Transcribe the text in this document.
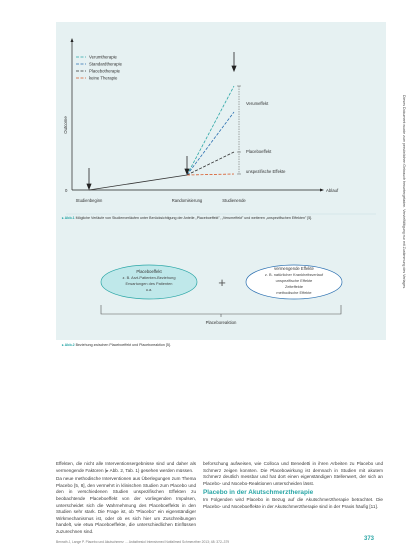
Verumtherapie
Standardtherapie
Placebotherapie
keine Therapie
Outcome
Ablauf
0
Verumeffekt
Placeboeffekt
unspezifische Effekte
Studienbeginn	Randomisierung	Studienende
▸ Abb.1 Mögliche Verläufe von Studienverläufen unter Berücksichtigung der Anteile „Placeboeffekt", „Verumeffekt" und weiteren „unspezifischen Effekten" [5].
Placeboeffekt
z. B. Arzt-Patienten-Beziehung
Erwartungen des Patienten
u.a.	+
vermengende Effekte
z. B. natürlicher Krankheitsverlauf
unspezifische Effekte
Zeiteffekte
methodische Effekte
Placeboreaktion
▸ Abb.2 Beziehung zwischen Placeboeffekt und Placeboreaktion [5].

Effekten, die nicht alle Interventionsergebnisse sind und daher als vermengende Faktoren (▸ Abb. 2, Tab. 1) gesehen werden müssen.

Da neue methodische Interventionen aus Überlegungen zum Thema Placebo [5, 8], den vermehrt in klinischen Studien zum Placebo und den in verschiedenen Studien unspezifischen Effekten zu beobachtende Placeboeffekt von der vorliegenden Impulsen, unterscheidet sich die Wahrnehmung des Placeboeffekts in den Studien sehr stark. Die Frage ist, ob "Placebo" ein eigenständiger Wirkmechanismus ist, oder ob es sich hier um Zuschreibungen handelt, wie etwa Placeboeffekte, die unterschiedlichen Einflüssen zuzurechnen sind.

beforschung aufweisen, wie Colloca und Benedetti in ihren Arbeiten zu Placebo und Schmerz zeigen konnten. Die Placebowirkung ist demnach in Studien mit akutem Schmerz deutlich messbar und hat dort einen eigenständigen Stellenwert, der sich an Placebo- und Nocebo-Reaktionen unterscheiden lässt.

Placebo in der Akutschmerztherapie

Im Folgenden wird Placebo in Bezug auf die Akutschmerztherapie betrachtet. Die Placebo- und Noceboeffekte in der Akutschmerztherapie sind in der Praxis häufig [11].

Benrath J, Lange P. Placebo und Akutschmerz … Anästhesiol Intensivmed Notfallmed Schmerzther 2013; 48: 372–379	373
Dieses Dokument wurde zum persönlichen Gebrauch heruntergeladen. Vervielfältigung nur mit Zustimmung des Verlages.
